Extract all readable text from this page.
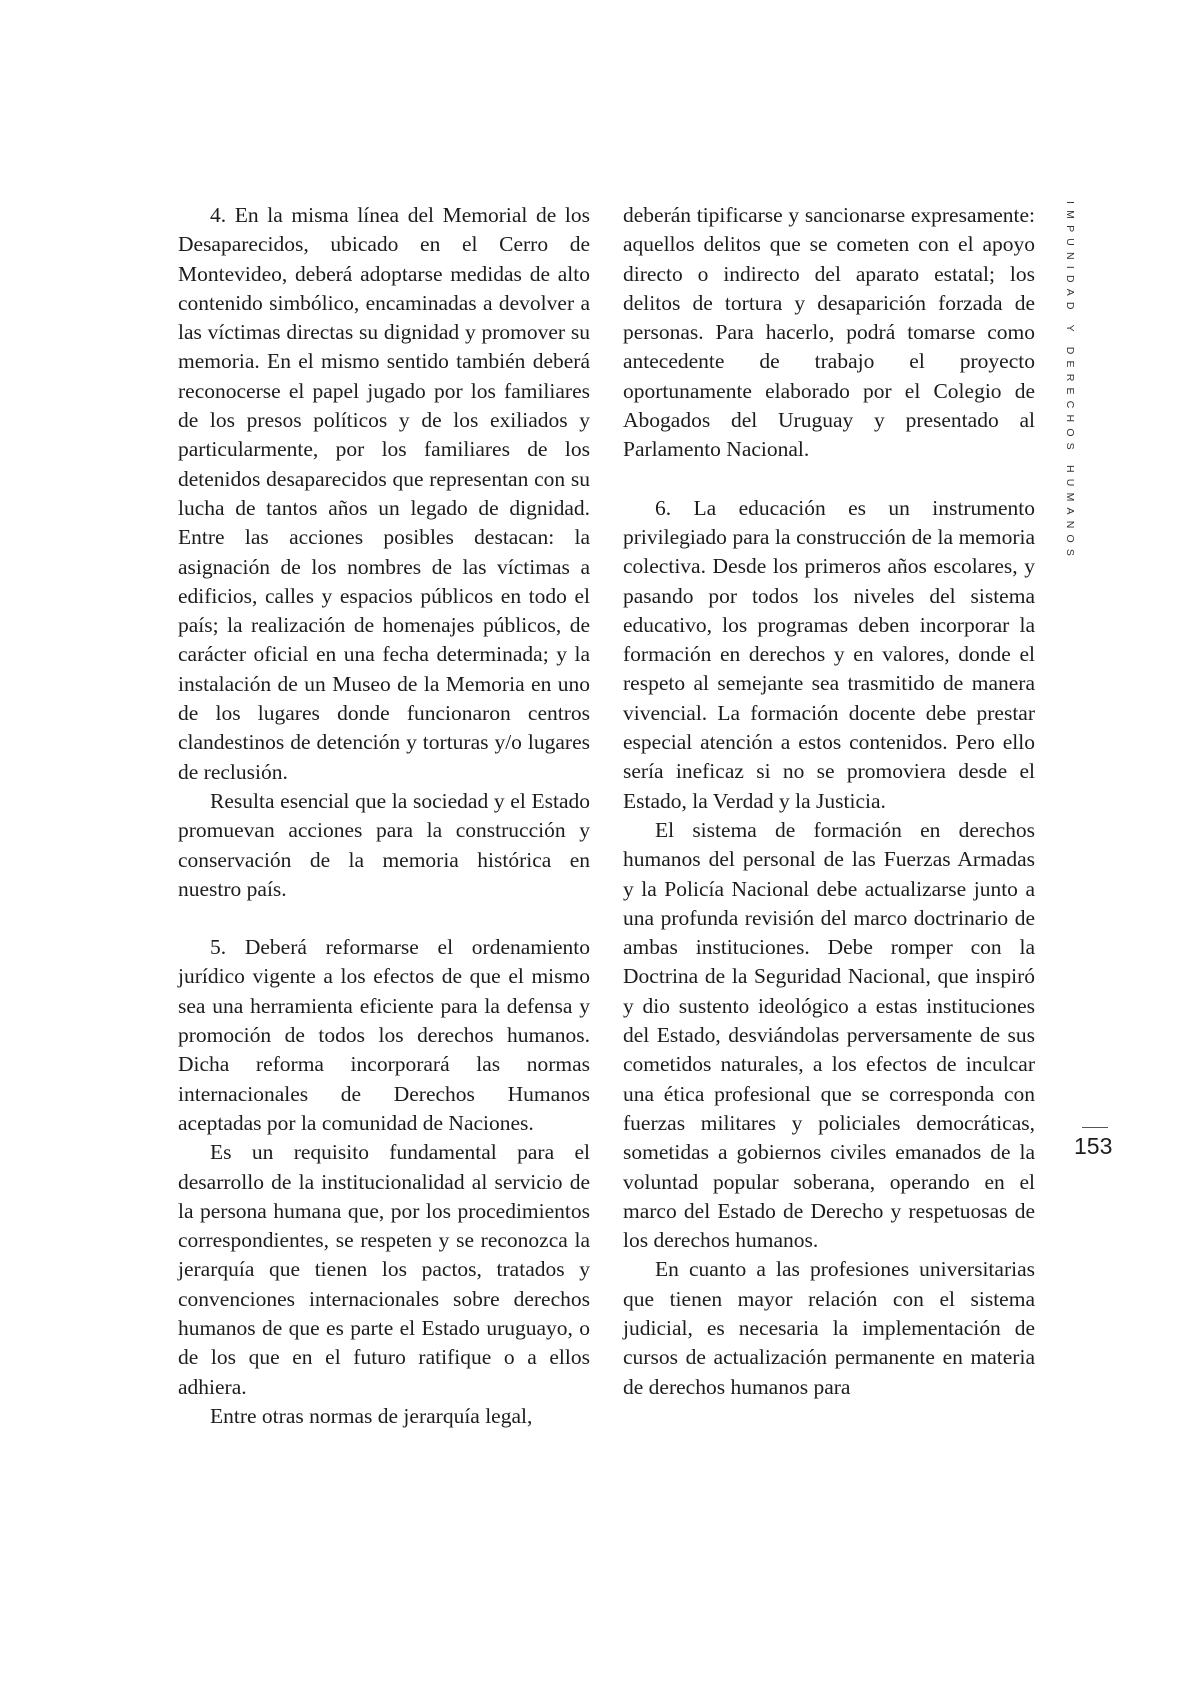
4. En la misma línea del Memorial de los Desaparecidos, ubicado en el Cerro de Montevideo, deberá adoptarse medidas de alto contenido simbólico, encaminadas a devolver a las víctimas directas su dignidad y promover su memoria. En el mismo sentido también deberá reconocerse el papel jugado por los familiares de los presos políticos y de los exiliados y particularmente, por los familiares de los detenidos desaparecidos que representan con su lucha de tantos años un legado de dignidad. Entre las acciones posibles destacan: la asignación de los nombres de las víctimas a edificios, calles y espacios públicos en todo el país; la realización de homenajes públicos, de carácter oficial en una fecha determinada; y la instalación de un Museo de la Memoria en uno de los lugares donde funcionaron centros clandestinos de detención y torturas y/o lugares de reclusión.

Resulta esencial que la sociedad y el Estado promuevan acciones para la construcción y conservación de la memoria histórica en nuestro país.

5. Deberá reformarse el ordenamiento jurídico vigente a los efectos de que el mismo sea una herramienta eficiente para la defensa y promoción de todos los derechos humanos. Dicha reforma incorporará las normas internacionales de Derechos Humanos aceptadas por la comunidad de Naciones.

Es un requisito fundamental para el desarrollo de la institucionalidad al servicio de la persona humana que, por los procedimientos correspondientes, se respeten y se reconozca la jerarquía que tienen los pactos, tratados y convenciones internacionales sobre derechos humanos de que es parte el Estado uruguayo, o de los que en el futuro ratifique o a ellos adhiera.

Entre otras normas de jerarquía legal,

deberán tipificarse y sancionarse expresamente: aquellos delitos que se cometen con el apoyo directo o indirecto del aparato estatal; los delitos de tortura y desaparición forzada de personas. Para hacerlo, podrá tomarse como antecedente de trabajo el proyecto oportunamente elaborado por el Colegio de Abogados del Uruguay y presentado al Parlamento Nacional.

6. La educación es un instrumento privilegiado para la construcción de la memoria colectiva. Desde los primeros años escolares, y pasando por todos los niveles del sistema educativo, los programas deben incorporar la formación en derechos y en valores, donde el respeto al semejante sea trasmitido de manera vivencial. La formación docente debe prestar especial atención a estos contenidos. Pero ello sería ineficaz si no se promoviera desde el Estado, la Verdad y la Justicia.

El sistema de formación en derechos humanos del personal de las Fuerzas Armadas y la Policía Nacional debe actualizarse junto a una profunda revisión del marco doctrinario de ambas instituciones. Debe romper con la Doctrina de la Seguridad Nacional, que inspiró y dio sustento ideológico a estas instituciones del Estado, desviándolas perversamente de sus cometidos naturales, a los efectos de inculcar una ética profesional que se corresponda con fuerzas militares y policiales democráticas, sometidas a gobiernos civiles emanados de la voluntad popular soberana, operando en el marco del Estado de Derecho y respetuosas de los derechos humanos.

En cuanto a las profesiones universitarias que tienen mayor relación con el sistema judicial, es necesaria la implementación de cursos de actualización permanente en materia de derechos humanos para

IMPUNIDAD Y DERECHOS HUMANOS
153
